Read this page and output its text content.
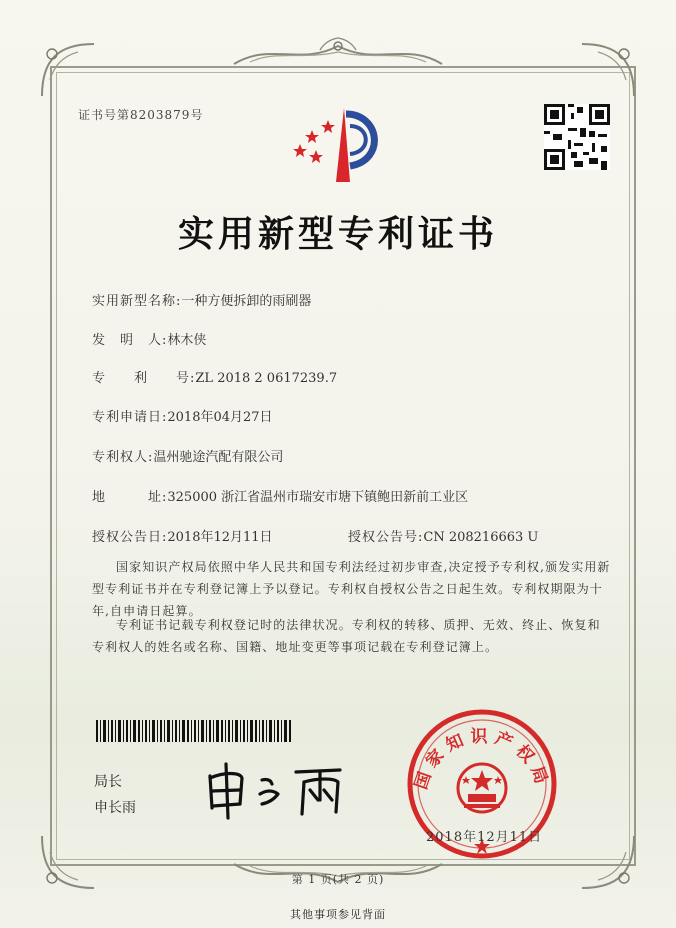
证书号第8203879号
实用新型专利证书
实用新型名称:一种方便拆卸的雨刷器
发　明　人:林木侠
专　　利　　号:ZL 2018 2 0617239.7
专利申请日:2018年04月27日
专利权人:温州驰途汽配有限公司
地　　　址:325000 浙江省温州市瑞安市塘下镇鲍田新前工业区
授权公告日:2018年12月11日	授权公告号:CN 208216663 U

国家知识产权局依照中华人民共和国专利法经过初步审查,决定授予专利权,颁发实用新型专利证书并在专利登记簿上予以登记。专利权自授权公告之日起生效。专利权期限为十年,自申请日起算。

专利证书记载专利权登记时的法律状况。专利权的转移、质押、无效、终止、恢复和专利权人的姓名或名称、国籍、地址变更等事项记载在专利登记簿上。

局长
申长雨
国家知识产权局
2018年12月11日
第 1 页(共 2 页)
其他事项参见背面
